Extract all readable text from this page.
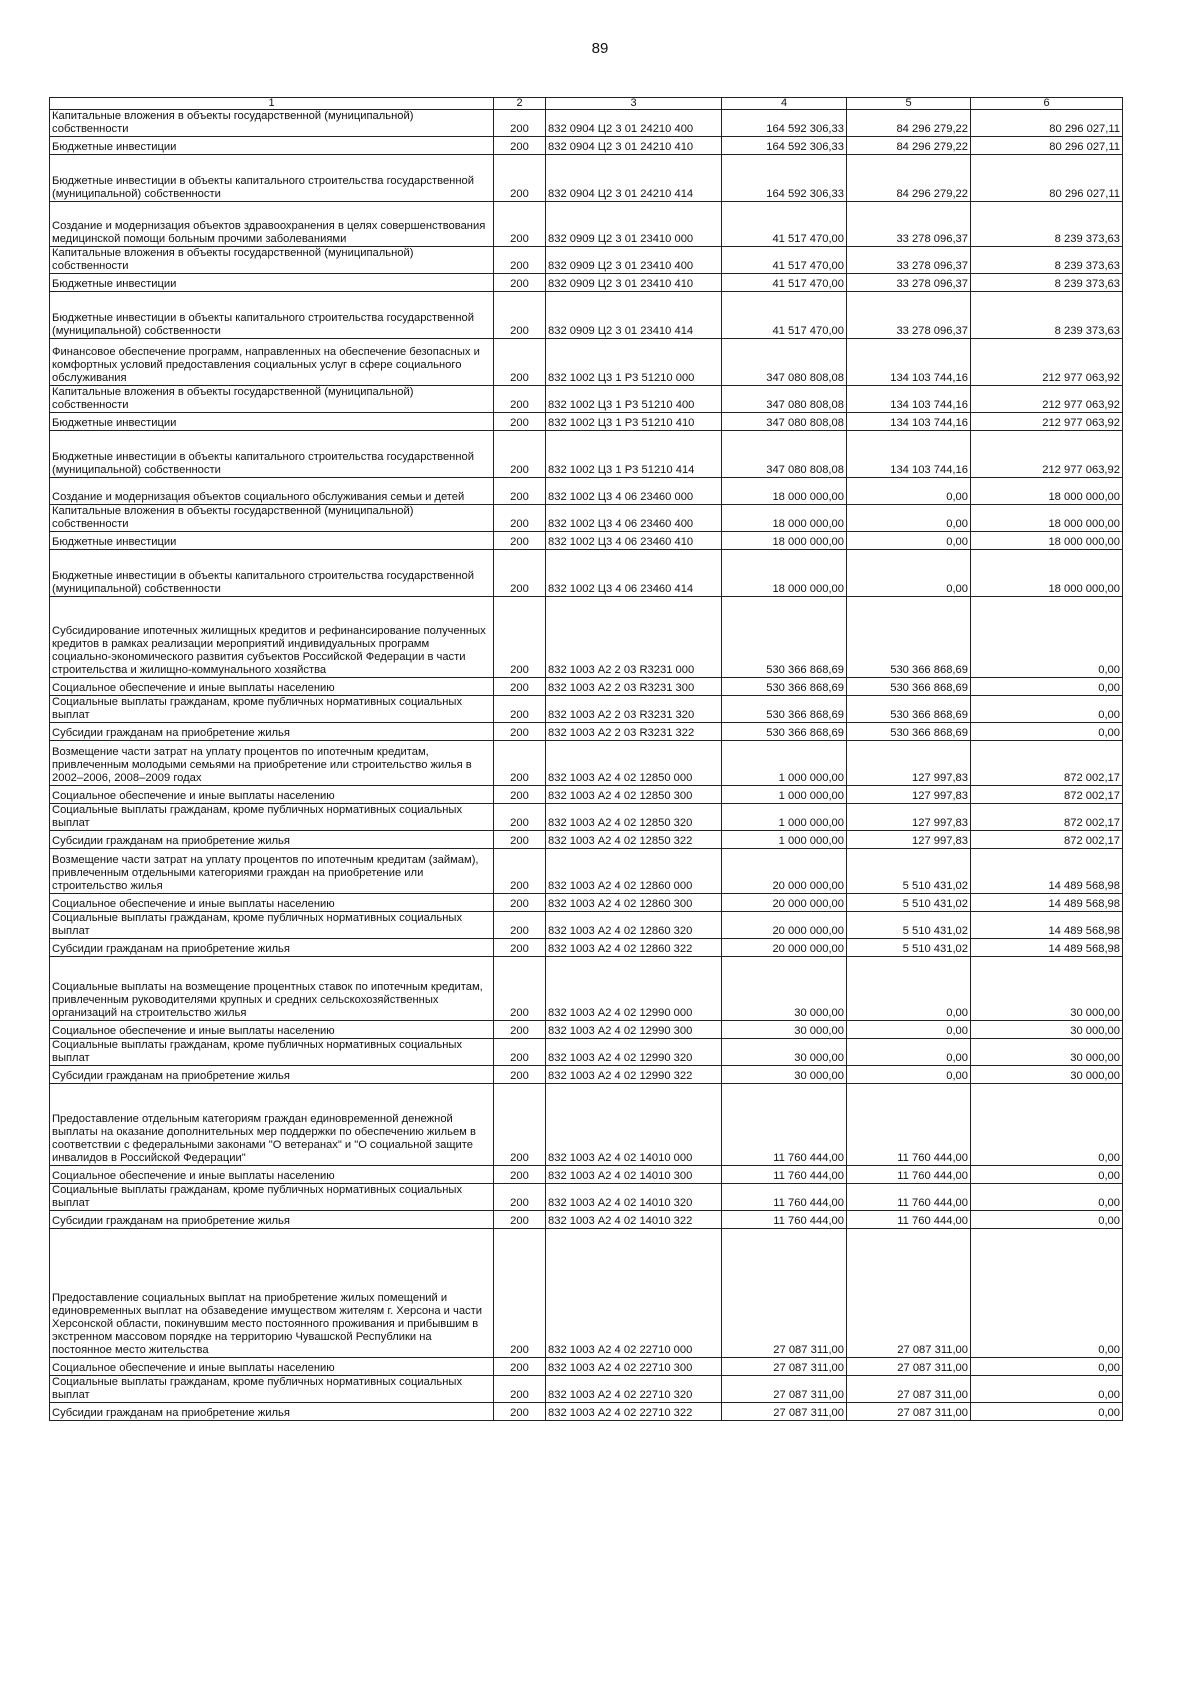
89
1	2	3	4	5	6
Капитальные вложения в объекты государственной (муниципальной) собственности	200	832 0904 Ц2 3 01 24210 400	164 592 306,33	84 296 279,22	80 296 027,11
Бюджетные инвестиции	200	832 0904 Ц2 3 01 24210 410	164 592 306,33	84 296 279,22	80 296 027,11
Бюджетные инвестиции в объекты капитального строительства государственной (муниципальной) собственности	200	832 0904 Ц2 3 01 24210 414	164 592 306,33	84 296 279,22	80 296 027,11
Создание и модернизация объектов здравоохранения в целях совершенствования медицинской помощи больным прочими заболеваниями	200	832 0909 Ц2 3 01 23410 000	41 517 470,00	33 278 096,37	8 239 373,63
Капитальные вложения в объекты государственной (муниципальной) собственности	200	832 0909 Ц2 3 01 23410 400	41 517 470,00	33 278 096,37	8 239 373,63
Бюджетные инвестиции	200	832 0909 Ц2 3 01 23410 410	41 517 470,00	33 278 096,37	8 239 373,63
Бюджетные инвестиции в объекты капитального строительства государственной (муниципальной) собственности	200	832 0909 Ц2 3 01 23410 414	41 517 470,00	33 278 096,37	8 239 373,63
Финансовое обеспечение программ, направленных на обеспечение безопасных и комфортных условий предоставления социальных услуг в сфере социального обслуживания	200	832 1002 Ц3 1 Р3 51210 000	347 080 808,08	134 103 744,16	212 977 063,92
Капитальные вложения в объекты государственной (муниципальной) собственности	200	832 1002 Ц3 1 Р3 51210 400	347 080 808,08	134 103 744,16	212 977 063,92
Бюджетные инвестиции	200	832 1002 Ц3 1 Р3 51210 410	347 080 808,08	134 103 744,16	212 977 063,92
Бюджетные инвестиции в объекты капитального строительства государственной (муниципальной) собственности	200	832 1002 Ц3 1 Р3 51210 414	347 080 808,08	134 103 744,16	212 977 063,92
Создание и модернизация объектов социального обслуживания семьи и детей	200	832 1002 Ц3 4 06 23460 000	18 000 000,00	0,00	18 000 000,00
Капитальные вложения в объекты государственной (муниципальной) собственности	200	832 1002 Ц3 4 06 23460 400	18 000 000,00	0,00	18 000 000,00
Бюджетные инвестиции	200	832 1002 Ц3 4 06 23460 410	18 000 000,00	0,00	18 000 000,00
Бюджетные инвестиции в объекты капитального строительства государственной (муниципальной) собственности	200	832 1002 Ц3 4 06 23460 414	18 000 000,00	0,00	18 000 000,00
Субсидирование ипотечных жилищных кредитов и рефинансирование полученных кредитов в рамках реализации мероприятий индивидуальных программ социально-экономического развития субъектов Российской Федерации в части строительства и жилищно-коммунального хозяйства	200	832 1003 А2 2 03 R3231 000	530 366 868,69	530 366 868,69	0,00
Социальное обеспечение и иные выплаты населению	200	832 1003 А2 2 03 R3231 300	530 366 868,69	530 366 868,69	0,00
Социальные выплаты гражданам, кроме публичных нормативных социальных выплат	200	832 1003 А2 2 03 R3231 320	530 366 868,69	530 366 868,69	0,00
Субсидии гражданам на приобретение жилья	200	832 1003 А2 2 03 R3231 322	530 366 868,69	530 366 868,69	0,00
Возмещение части затрат на уплату процентов по ипотечным кредитам, привлеченным молодыми семьями на приобретение или строительство жилья в 2002–2006, 2008–2009 годах	200	832 1003 А2 4 02 12850 000	1 000 000,00	127 997,83	872 002,17
Социальное обеспечение и иные выплаты населению	200	832 1003 А2 4 02 12850 300	1 000 000,00	127 997,83	872 002,17
Социальные выплаты гражданам, кроме публичных нормативных социальных выплат	200	832 1003 А2 4 02 12850 320	1 000 000,00	127 997,83	872 002,17
Субсидии гражданам на приобретение жилья	200	832 1003 А2 4 02 12850 322	1 000 000,00	127 997,83	872 002,17
Возмещение части затрат на уплату процентов по ипотечным кредитам (займам), привлеченным отдельными категориями граждан на приобретение или строительство жилья	200	832 1003 А2 4 02 12860 000	20 000 000,00	5 510 431,02	14 489 568,98
Социальное обеспечение и иные выплаты населению	200	832 1003 А2 4 02 12860 300	20 000 000,00	5 510 431,02	14 489 568,98
Социальные выплаты гражданам, кроме публичных нормативных социальных выплат	200	832 1003 А2 4 02 12860 320	20 000 000,00	5 510 431,02	14 489 568,98
Субсидии гражданам на приобретение жилья	200	832 1003 А2 4 02 12860 322	20 000 000,00	5 510 431,02	14 489 568,98
Социальные выплаты на возмещение процентных ставок по ипотечным кредитам, привлеченным руководителями крупных и средних сельскохозяйственных организаций на строительство жилья	200	832 1003 А2 4 02 12990 000	30 000,00	0,00	30 000,00
Социальное обеспечение и иные выплаты населению	200	832 1003 А2 4 02 12990 300	30 000,00	0,00	30 000,00
Социальные выплаты гражданам, кроме публичных нормативных социальных выплат	200	832 1003 А2 4 02 12990 320	30 000,00	0,00	30 000,00
Субсидии гражданам на приобретение жилья	200	832 1003 А2 4 02 12990 322	30 000,00	0,00	30 000,00
Предоставление отдельным категориям граждан единовременной денежной выплаты на оказание дополнительных мер поддержки по обеспечению жильем в соответствии с федеральными законами "О ветеранах" и "О социальной защите инвалидов в Российской Федерации"	200	832 1003 А2 4 02 14010 000	11 760 444,00	11 760 444,00	0,00
Социальное обеспечение и иные выплаты населению	200	832 1003 А2 4 02 14010 300	11 760 444,00	11 760 444,00	0,00
Социальные выплаты гражданам, кроме публичных нормативных социальных выплат	200	832 1003 А2 4 02 14010 320	11 760 444,00	11 760 444,00	0,00
Субсидии гражданам на приобретение жилья	200	832 1003 А2 4 02 14010 322	11 760 444,00	11 760 444,00	0,00
Предоставление социальных выплат на приобретение жилых помещений и единовременных выплат на обзаведение имуществом жителям г. Херсона и части Херсонской области, покинувшим место постоянного проживания и прибывшим в экстренном массовом порядке на территорию Чувашской Республики на постоянное место жительства	200	832 1003 А2 4 02 22710 000	27 087 311,00	27 087 311,00	0,00
Социальное обеспечение и иные выплаты населению	200	832 1003 А2 4 02 22710 300	27 087 311,00	27 087 311,00	0,00
Социальные выплаты гражданам, кроме публичных нормативных социальных выплат	200	832 1003 А2 4 02 22710 320	27 087 311,00	27 087 311,00	0,00
Субсидии гражданам на приобретение жилья	200	832 1003 А2 4 02 22710 322	27 087 311,00	27 087 311,00	0,00
